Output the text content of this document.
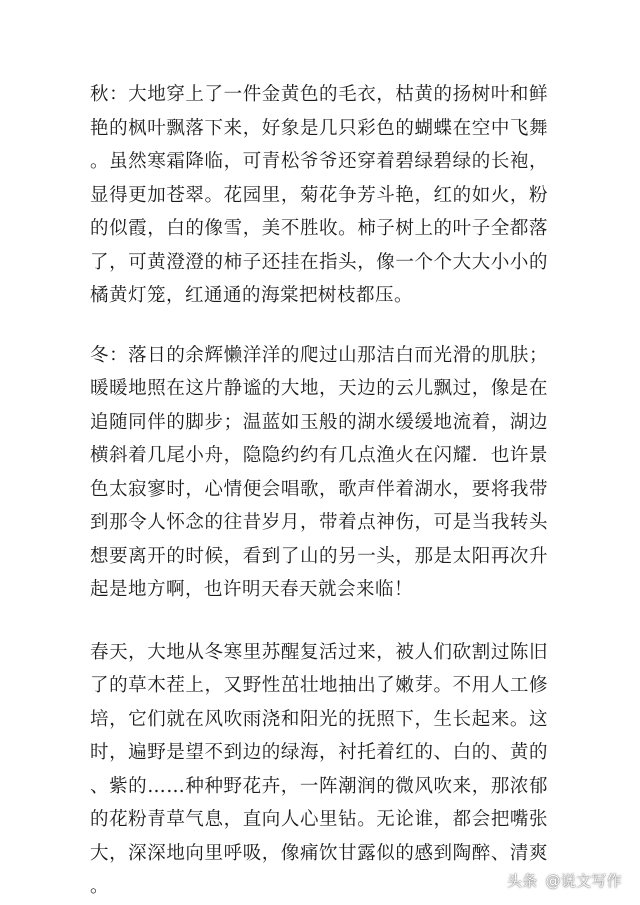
秋：大地穿上了一件金黄色的毛衣，枯黄的扬树叶和鲜艳的枫叶飘落下来，好象是几只彩色的蝴蝶在空中飞舞。虽然寒霜降临，可青松爷爷还穿着碧绿碧绿的长袍，显得更加苍翠。花园里，菊花争芳斗艳，红的如火，粉的似霞，白的像雪，美不胜收。柿子树上的叶子全都落了，可黄澄澄的柿子还挂在指头，像一个个大大小小的橘黄灯笼，红通通的海棠把树枝都压。

冬：落日的余辉懒洋洋的爬过山那洁白而光滑的肌肤；暖暖地照在这片静谧的大地，天边的云儿飘过，像是在追随同伴的脚步；温蓝如玉般的湖水缓缓地流着，湖边横斜着几尾小舟，隐隐约约有几点渔火在闪耀．也许景色太寂寥时，心情便会唱歌，歌声伴着湖水，要将我带到那令人怀念的往昔岁月，带着点神伤，可是当我转头想要离开的时候，看到了山的另一头，那是太阳再次升起是地方啊，也许明天春天就会来临！

春天，大地从冬寒里苏醒复活过来，被人们砍割过陈旧了的草木茬上，又野性茁壮地抽出了嫩芽。不用人工修培，它们就在风吹雨浇和阳光的抚照下，生长起来。这时，遍野是望不到边的绿海，衬托着红的、白的、黄的、紫的……种种野花卉，一阵潮润的微风吹来，那浓郁的花粉青草气息，直向人心里钻。无论谁，都会把嘴张大，深深地向里呼吸，像痛饮甘露似的感到陶醉、清爽。	头条 @说文写作
